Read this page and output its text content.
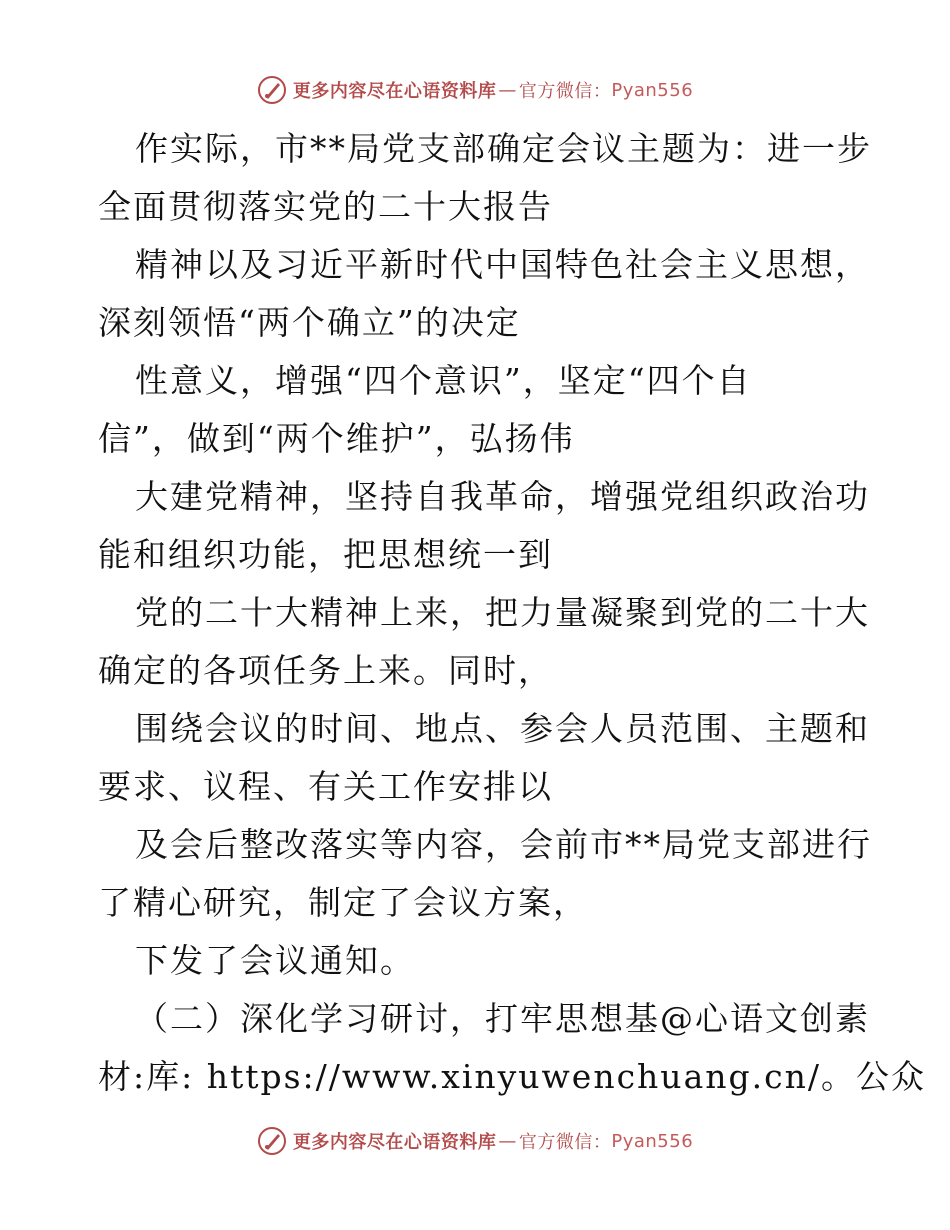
更多内容尽在心语资料库 — 官方微信： Pyan556
作实际，市**局党支部确定会议主题为：进一步
全面贯彻落实党的二十大报告
精神以及习近平新时代中国特色社会主义思想，
深刻领悟“两个确立”的决定
性意义，增强“四个意识”，坚定“四个自
信”，做到“两个维护”，弘扬伟
大建党精神，坚持自我革命，增强党组织政治功
能和组织功能，把思想统一到
党的二十大精神上来，把力量凝聚到党的二十大
确定的各项任务上来。同时，
围绕会议的时间、地点、参会人员范围、主题和
要求、议程、有关工作安排以
及会后整改落实等内容，会前市**局党支部进行
了精心研究，制定了会议方案，
下发了会议通知。
（二）深化学习研讨，打牢思想基@心语文创素
材:库: https://www.xinyuwenchuang.cn/。公众
更多内容尽在心语资料库 — 官方微信： Pyan556
